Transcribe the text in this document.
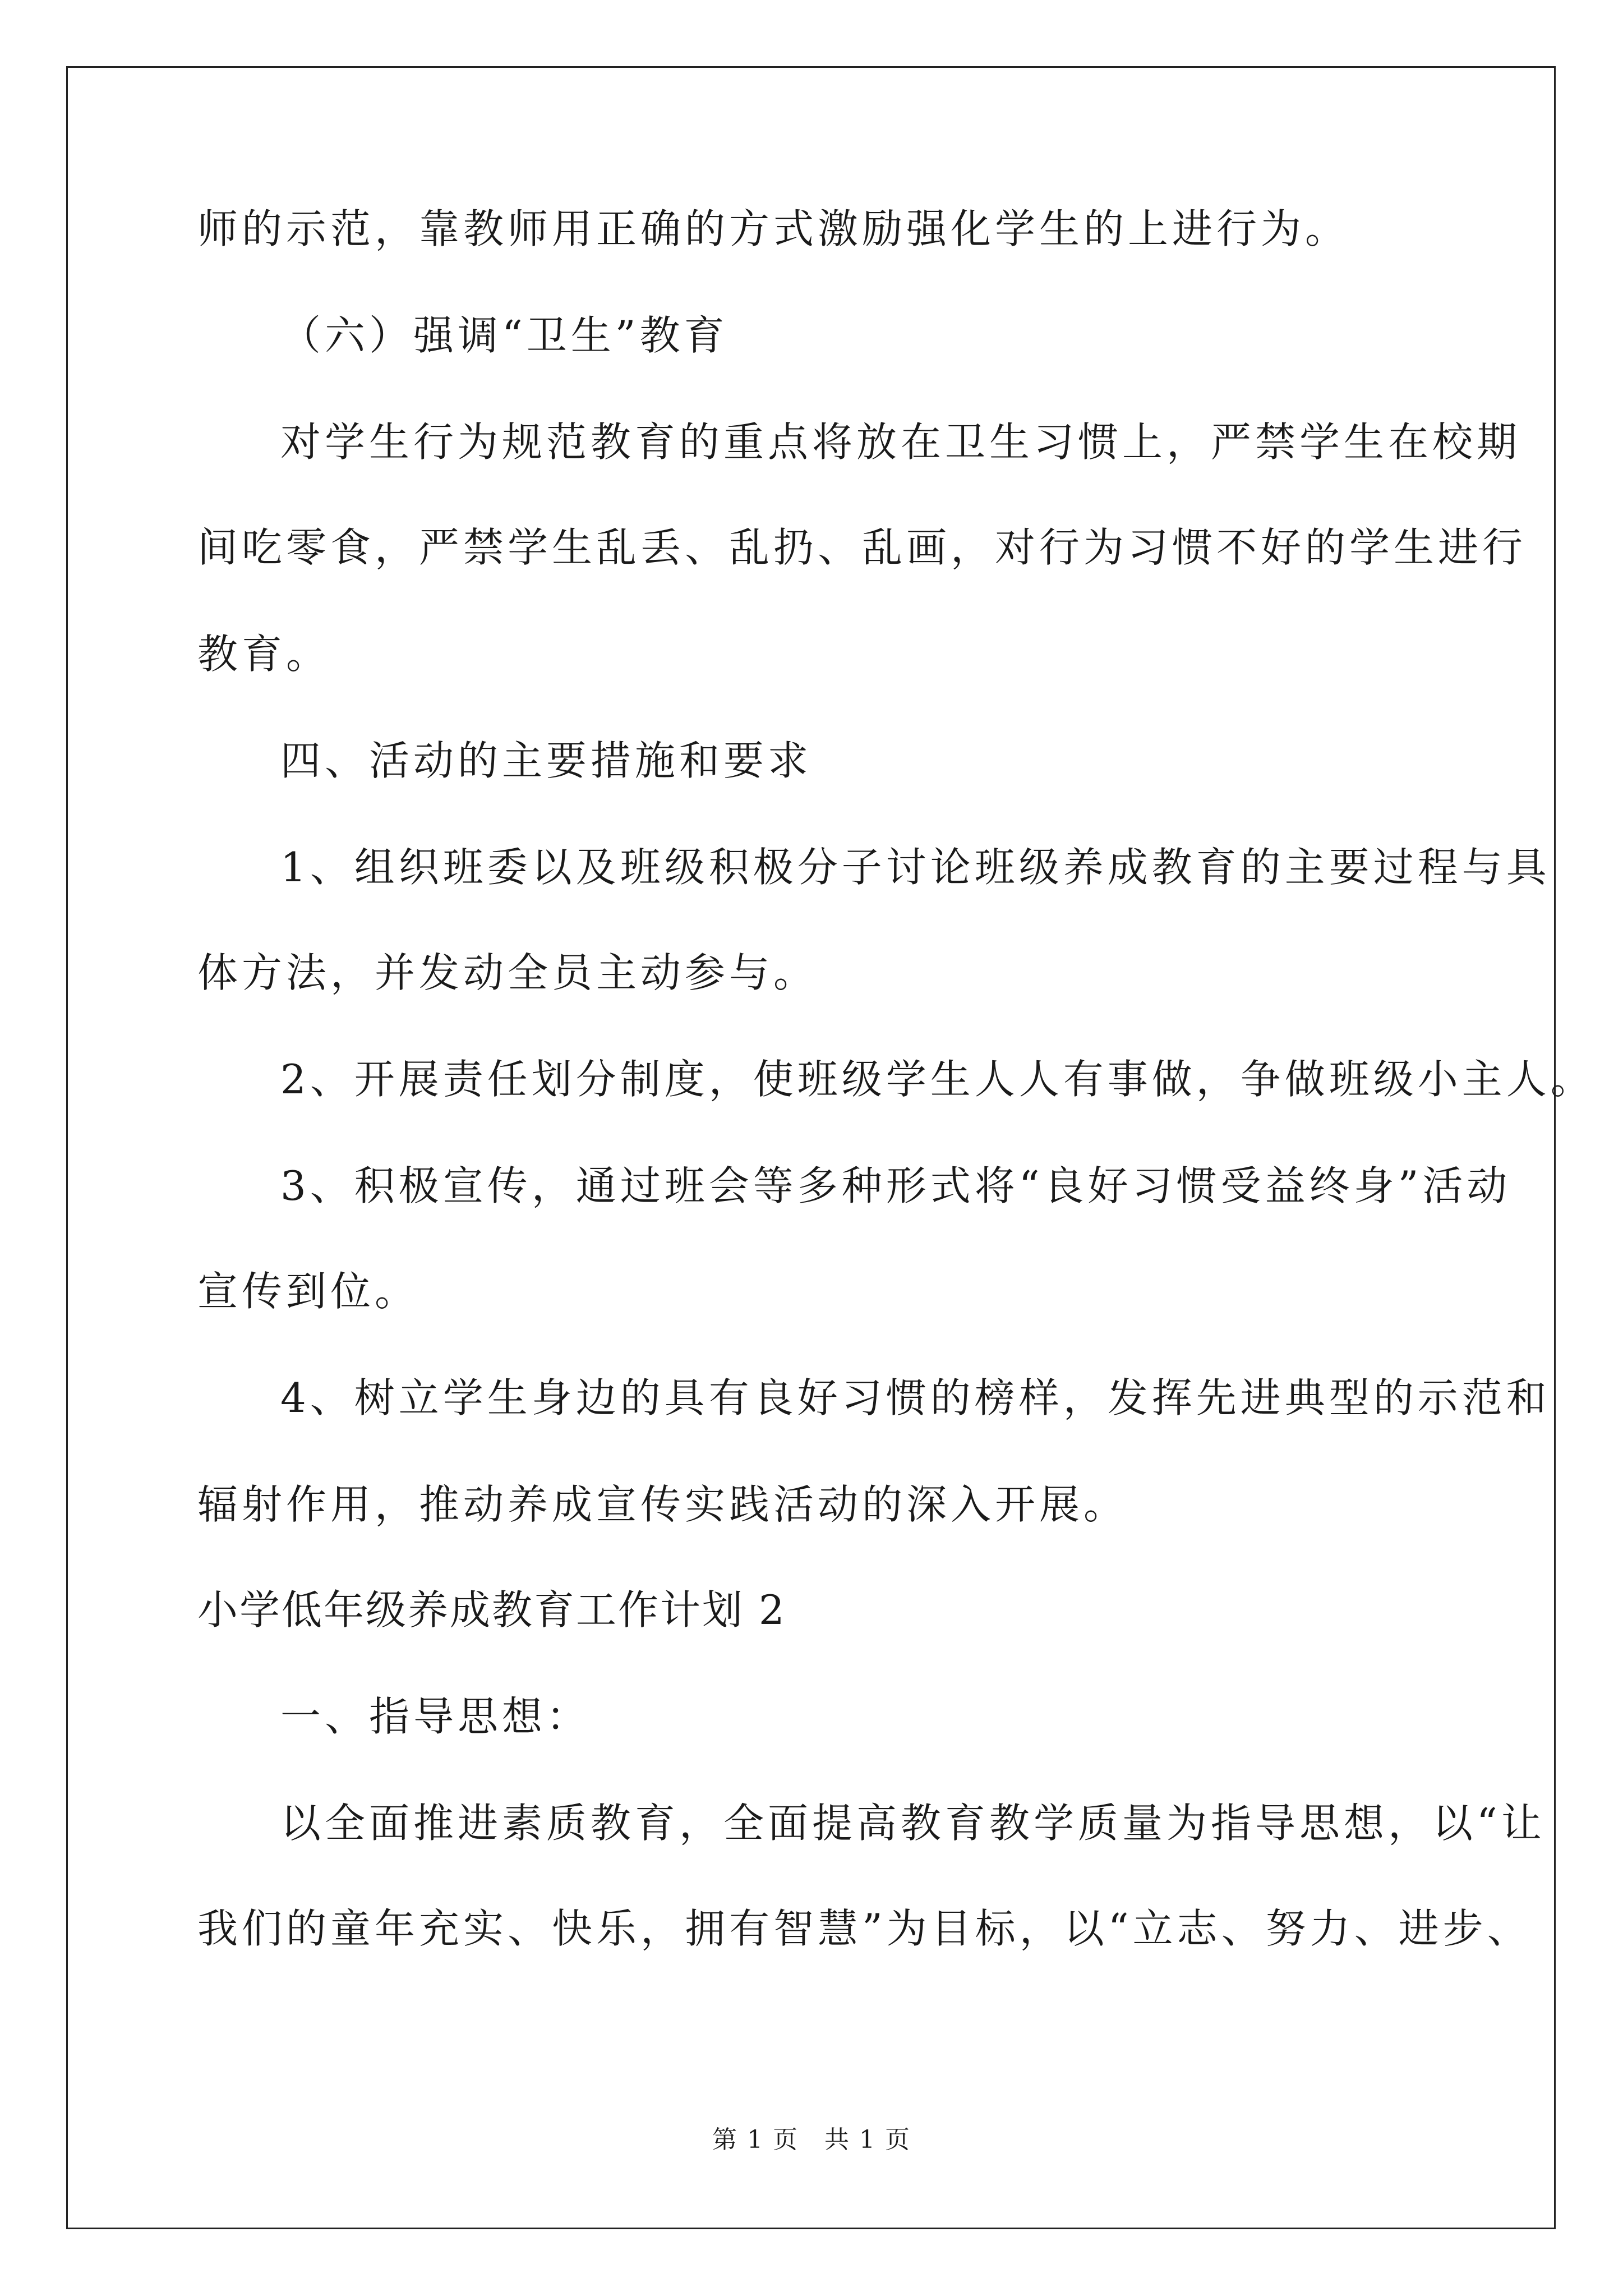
师的示范，靠教师用正确的方式激励强化学生的上进行为。
（六）强调“卫生”教育
对学生行为规范教育的重点将放在卫生习惯上，严禁学生在校期
间吃零食，严禁学生乱丢、乱扔、乱画，对行为习惯不好的学生进行
教育。
四、活动的主要措施和要求
1、组织班委以及班级积极分子讨论班级养成教育的主要过程与具
体方法，并发动全员主动参与。
2、开展责任划分制度，使班级学生人人有事做，争做班级小主人。
3、积极宣传，通过班会等多种形式将“良好习惯受益终身”活动
宣传到位。
4、树立学生身边的具有良好习惯的榜样，发挥先进典型的示范和
辐射作用，推动养成宣传实践活动的深入开展。
小学低年级养成教育工作计划 2
一、指导思想：
以全面推进素质教育，全面提高教育教学质量为指导思想，以“让
我们的童年充实、快乐，拥有智慧”为目标，以“立志、努力、进步、
第 1 页　共 1 页
